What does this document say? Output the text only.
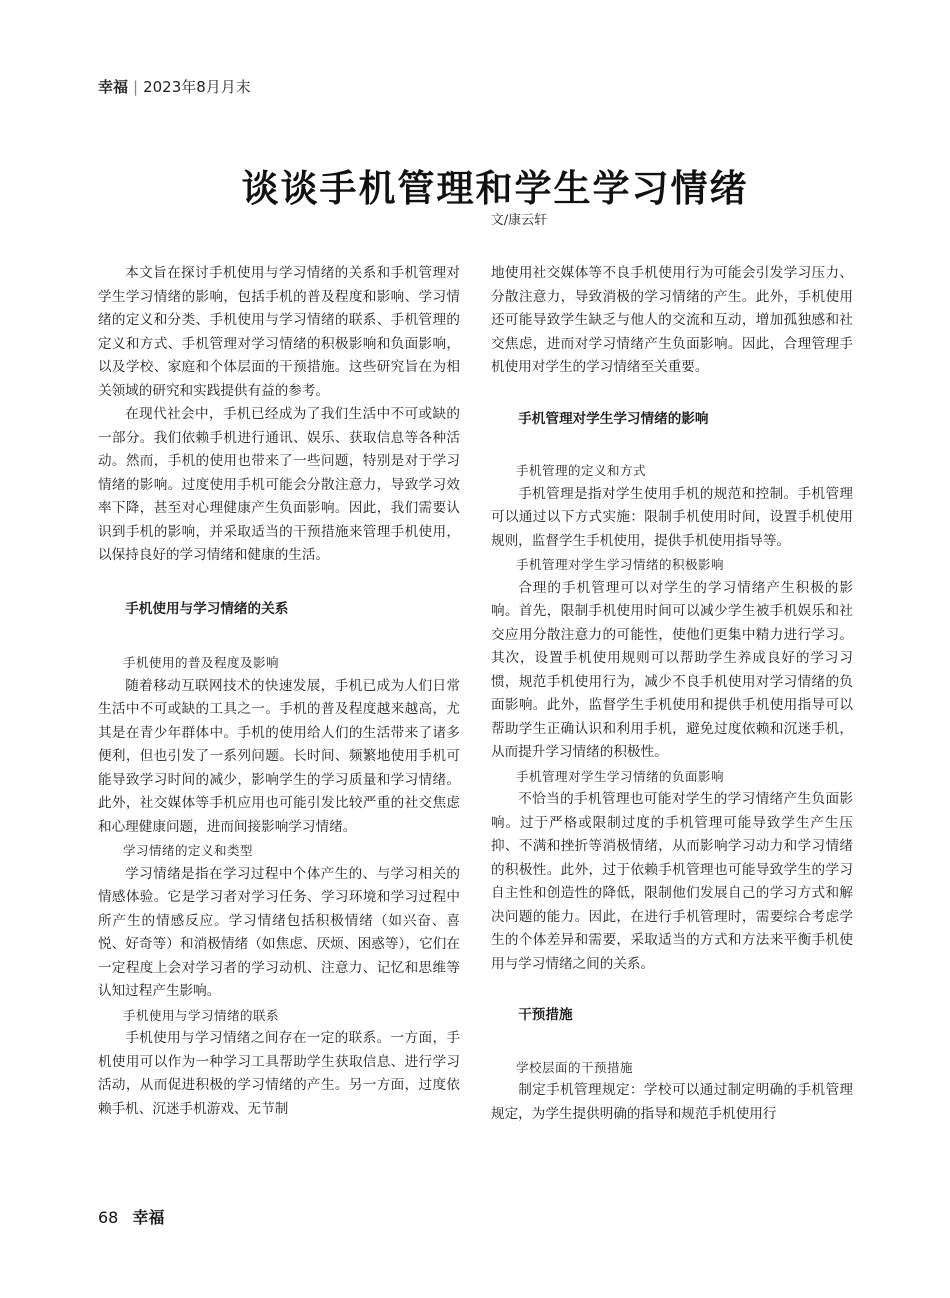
幸福 | 2023年8月月末
谈谈手机管理和学生学习情绪
文/康云轩

本文旨在探讨手机使用与学习情绪的关系和手机管理对学生学习情绪的影响，包括手机的普及程度和影响、学习情绪的定义和分类、手机使用与学习情绪的联系、手机管理的定义和方式、手机管理对学习情绪的积极影响和负面影响，以及学校、家庭和个体层面的干预措施。这些研究旨在为相关领域的研究和实践提供有益的参考。

在现代社会中，手机已经成为了我们生活中不可或缺的一部分。我们依赖手机进行通讯、娱乐、获取信息等各种活动。然而，手机的使用也带来了一些问题，特别是对于学习情绪的影响。过度使用手机可能会分散注意力，导致学习效率下降，甚至对心理健康产生负面影响。因此，我们需要认识到手机的影响，并采取适当的干预措施来管理手机使用，以保持良好的学习情绪和健康的生活。

手机使用与学习情绪的关系
手机使用的普及程度及影响

随着移动互联网技术的快速发展，手机已成为人们日常生活中不可或缺的工具之一。手机的普及程度越来越高，尤其是在青少年群体中。手机的使用给人们的生活带来了诸多便利，但也引发了一系列问题。长时间、频繁地使用手机可能导致学习时间的减少，影响学生的学习质量和学习情绪。此外，社交媒体等手机应用也可能引发比较严重的社交焦虑和心理健康问题，进而间接影响学习情绪。

学习情绪的定义和类型

学习情绪是指在学习过程中个体产生的、与学习相关的情感体验。它是学习者对学习任务、学习环境和学习过程中所产生的情感反应。学习情绪包括积极情绪（如兴奋、喜悦、好奇等）和消极情绪（如焦虑、厌烦、困惑等），它们在一定程度上会对学习者的学习动机、注意力、记忆和思维等认知过程产生影响。

手机使用与学习情绪的联系

手机使用与学习情绪之间存在一定的联系。一方面，手机使用可以作为一种学习工具帮助学生获取信息、进行学习活动，从而促进积极的学习情绪的产生。另一方面，过度依赖手机、沉迷手机游戏、无节制

地使用社交媒体等不良手机使用行为可能会引发学习压力、分散注意力，导致消极的学习情绪的产生。此外，手机使用还可能导致学生缺乏与他人的交流和互动，增加孤独感和社交焦虑，进而对学习情绪产生负面影响。因此，合理管理手机使用对学生的学习情绪至关重要。

手机管理对学生学习情绪的影响
手机管理的定义和方式

手机管理是指对学生使用手机的规范和控制。手机管理可以通过以下方式实施：限制手机使用时间，设置手机使用规则，监督学生手机使用，提供手机使用指导等。

手机管理对学生学习情绪的积极影响

合理的手机管理可以对学生的学习情绪产生积极的影响。首先，限制手机使用时间可以减少学生被手机娱乐和社交应用分散注意力的可能性，使他们更集中精力进行学习。其次，设置手机使用规则可以帮助学生养成良好的学习习惯，规范手机使用行为，减少不良手机使用对学习情绪的负面影响。此外，监督学生手机使用和提供手机使用指导可以帮助学生正确认识和利用手机，避免过度依赖和沉迷手机，从而提升学习情绪的积极性。

手机管理对学生学习情绪的负面影响

不恰当的手机管理也可能对学生的学习情绪产生负面影响。过于严格或限制过度的手机管理可能导致学生产生压抑、不满和挫折等消极情绪，从而影响学习动力和学习情绪的积极性。此外，过于依赖手机管理也可能导致学生的学习自主性和创造性的降低，限制他们发展自己的学习方式和解决问题的能力。因此，在进行手机管理时，需要综合考虑学生的个体差异和需要，采取适当的方式和方法来平衡手机使用与学习情绪之间的关系。

干预措施
学校层面的干预措施

制定手机管理规定：学校可以通过制定明确的手机管理规定，为学生提供明确的指导和规范手机使用行

68 幸福
